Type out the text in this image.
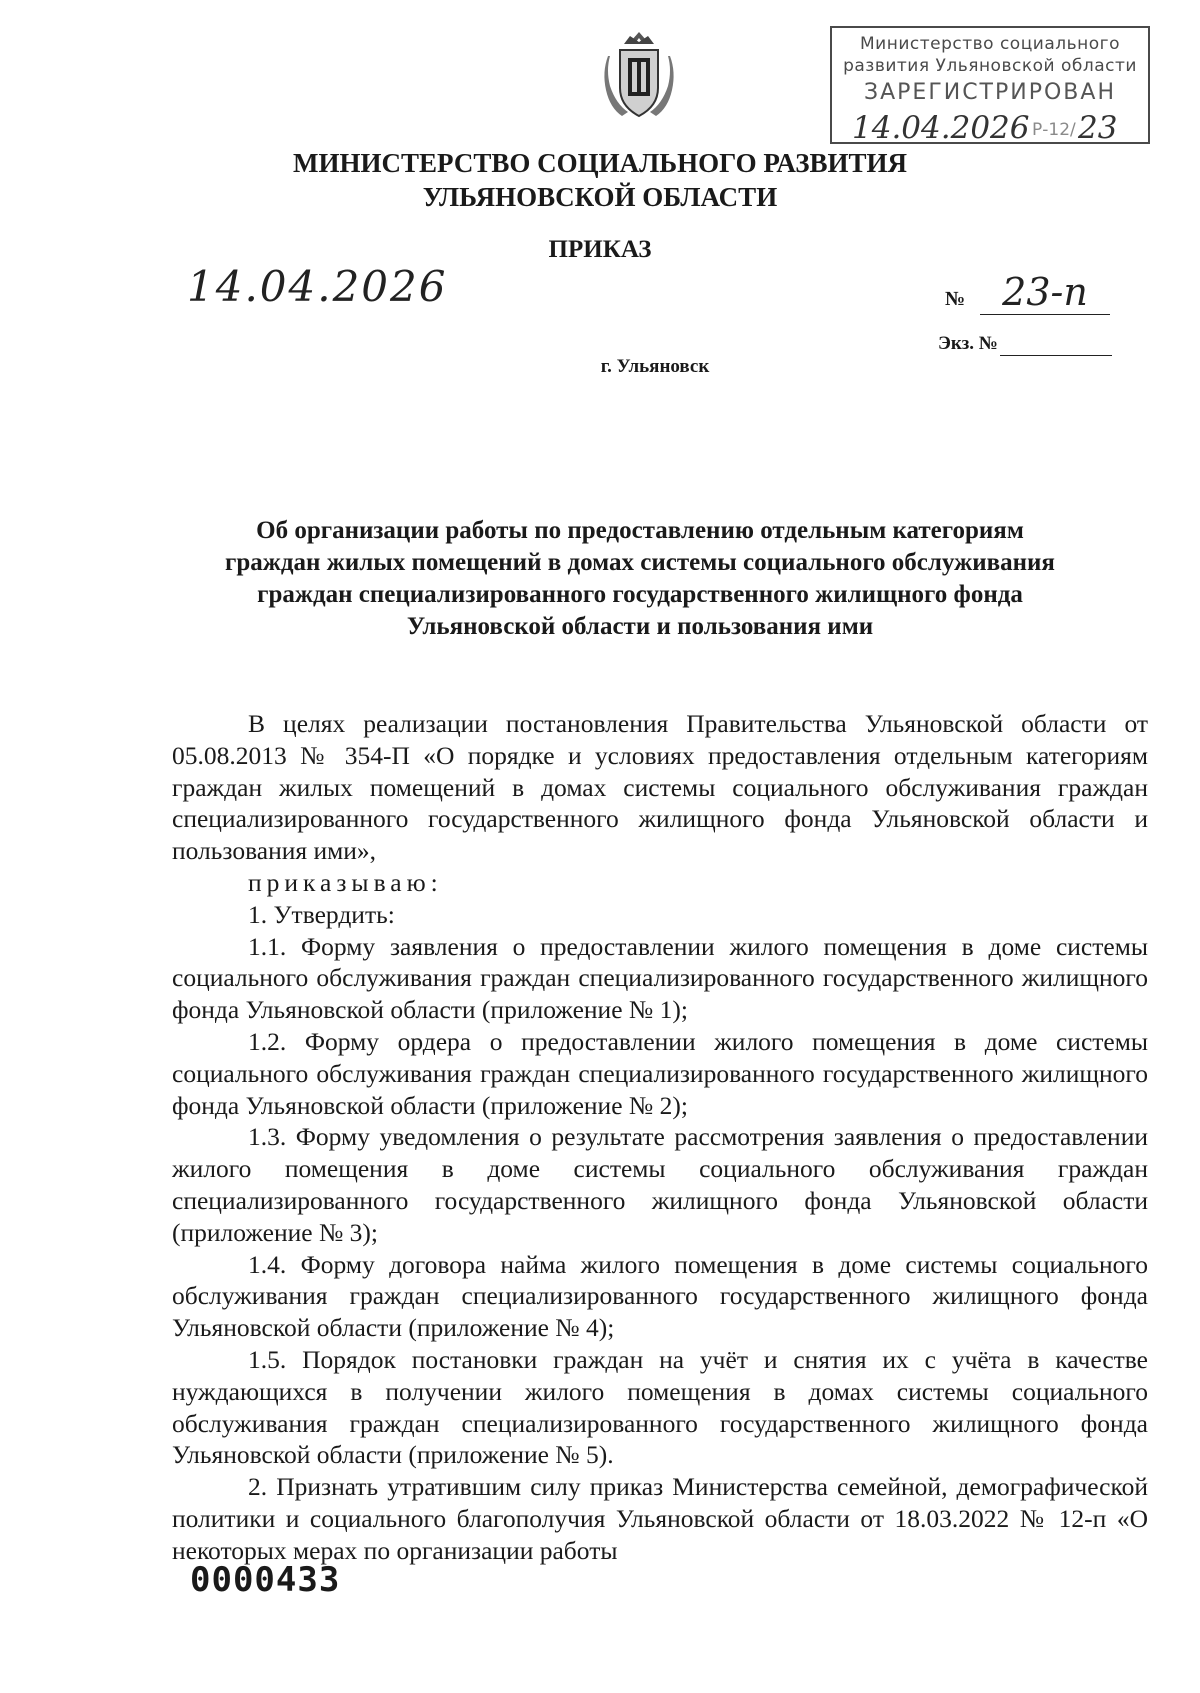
Министерство социального
развития Ульяновской области
ЗАРЕГИСТРИРОВАН
14.04.2026 Р-12/ 23
МИНИСТЕРСТВО СОЦИАЛЬНОГО РАЗВИТИЯ
УЛЬЯНОВСКОЙ ОБЛАСТИ
ПРИКАЗ
14.04.2026	№ 23-п
Экз. №
г. Ульяновск
Об организации работы по предоставлению отдельным категориям
граждан жилых помещений в домах системы социального обслуживания
граждан специализированного государственного жилищного фонда
Ульяновской области и пользования ими

В целях реализации постановления Правительства Ульяновской области от 05.08.2013 № 354-П «О порядке и условиях предоставления отдельным категориям граждан жилых помещений в домах системы социального обслуживания граждан специализированного государственного жилищного фонда Ульяновской области и пользования ими»,

приказываю:

1. Утвердить:

1.1. Форму заявления о предоставлении жилого помещения в доме системы социального обслуживания граждан специализированного государственного жилищного фонда Ульяновской области (приложение № 1);

1.2. Форму ордера о предоставлении жилого помещения в доме системы социального обслуживания граждан специализированного государственного жилищного фонда Ульяновской области (приложение № 2);

1.3. Форму уведомления о результате рассмотрения заявления о предоставлении жилого помещения в доме системы социального обслуживания граждан специализированного государственного жилищного фонда Ульяновской области (приложение № 3);

1.4. Форму договора найма жилого помещения в доме системы социального обслуживания граждан специализированного государственного жилищного фонда Ульяновской области (приложение № 4);

1.5. Порядок постановки граждан на учёт и снятия их с учёта в качестве нуждающихся в получении жилого помещения в домах системы социального обслуживания граждан специализированного государственного жилищного фонда Ульяновской области (приложение № 5).

2. Признать утратившим силу приказ Министерства семейной, демографической политики и социального благополучия Ульяновской области от 18.03.2022 № 12-п «О некоторых мерах по организации работы

0000433
